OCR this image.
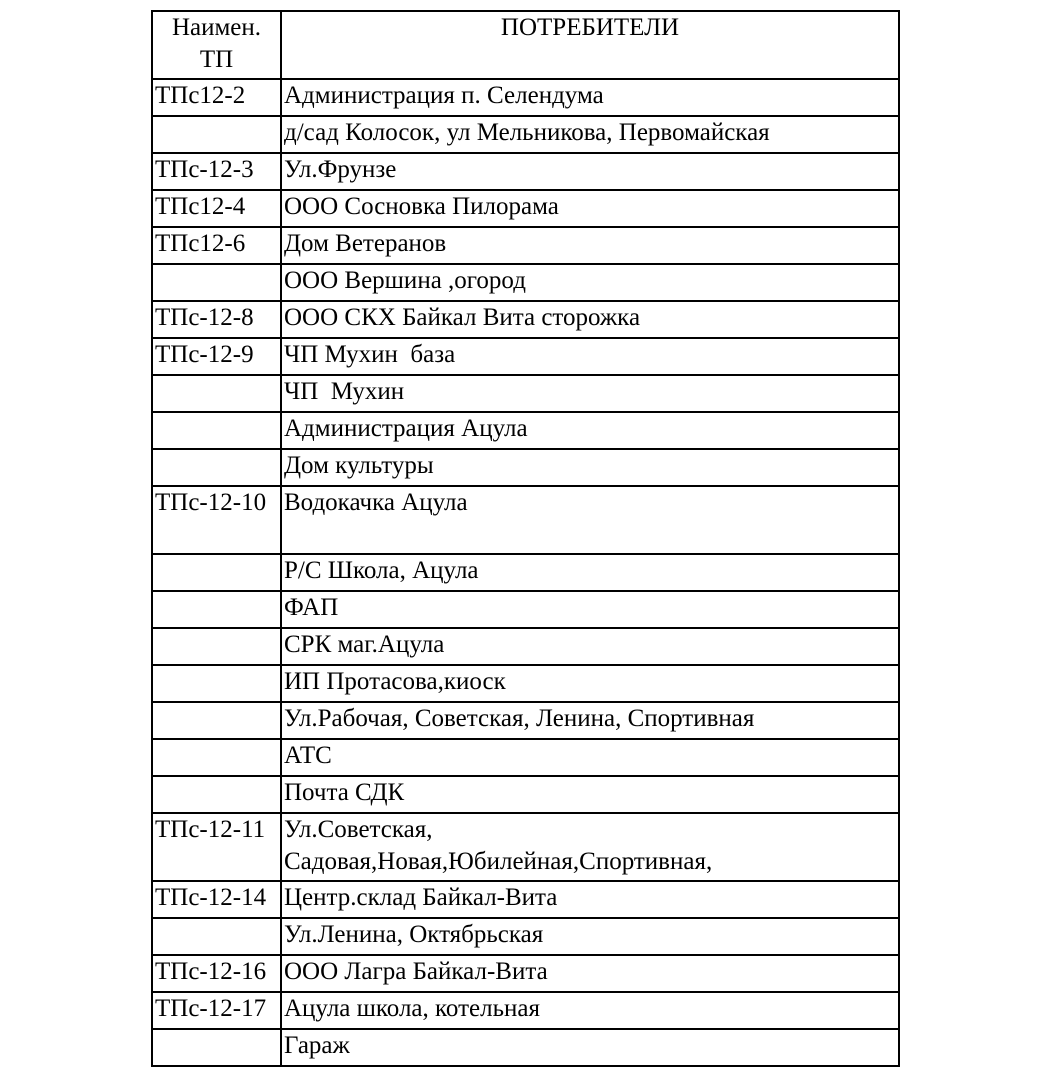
Наимен.
ТП	ПОТРЕБИТЕЛИ
ТПс12-2	Администрация п. Селендума
	д/сад Колосок, ул Мельникова, Первомайская
ТПс-12-3	Ул.Фрунзе
ТПс12-4	ООО Сосновка Пилорама
ТПс12-6	Дом Ветеранов
	ООО Вершина ,огород
ТПс-12-8	ООО СКХ Байкал Вита сторожка
ТПс-12-9	ЧП Мухин  база
	ЧП  Мухин
	Администрация Ацула
	Дом культуры
ТПс-12-10	Водокачка Ацула
	Р/С Школа, Ацула
	ФАП
	СРК маг.Ацула
	ИП Протасова,киоск
	Ул.Рабочая, Советская, Ленина, Спортивная
	АТС
	Почта СДК
ТПс-12-11	Ул.Советская,
Садовая,Новая,Юбилейная,Спортивная,

ТПс-12-14	Центр.склад Байкал-Вита
	Ул.Ленина, Октябрьская
ТПс-12-16	ООО Лагра Байкал-Вита
ТПс-12-17	Ацула школа, котельная
	Гараж
